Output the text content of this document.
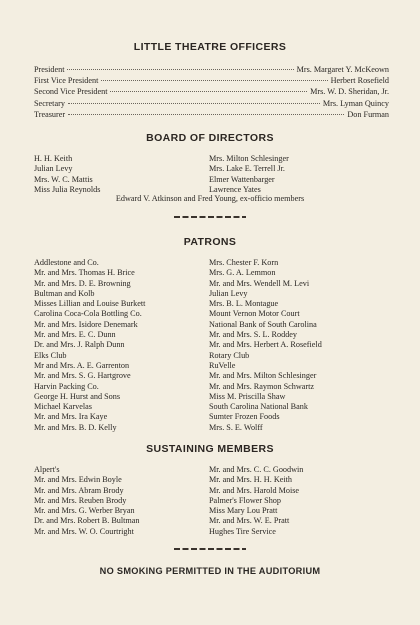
LITTLE THEATRE OFFICERS
President	Mrs. Margaret Y. McKeown
First Vice President	Herbert Rosefield
Second Vice President	Mrs. W. D. Sheridan, Jr.
Secretary	Mrs. Lyman Quincy
Treasurer	Don Furman
BOARD OF DIRECTORS
H. H. Keith
Julian Levy
Mrs. W. C. Mattis
Miss Julia Reynolds
Mrs. Milton Schlesinger
Mrs. Lake E. Terrell Jr.
Elmer Wattenbarger
Lawrence Yates
Edward V. Atkinson and Fred Young, ex-officio members
PATRONS
Addlestone and Co.
Mr. and Mrs. Thomas H. Brice
Mr. and Mrs. D. E. Browning
Bultman and Kolb
Misses Lillian and Louise Burkett
Carolina Coca-Cola Bottling Co.
Mr. and Mrs. Isidore Denemark
Mr. and Mrs. E. C. Dunn
Dr. and Mrs. J. Ralph Dunn
Elks Club
Mr and Mrs. A. E. Garrenton
Mr. and Mrs. S. G. Hartgrove
Harvin Packing Co.
George H. Hurst and Sons
Michael Karvelas
Mr. and Mrs. Ira Kaye
Mr. and Mrs. B. D. Kelly
Mrs. Chester F. Korn
Mrs. G. A. Lemmon
Mr. and Mrs. Wendell M. Levi
Julian Levy
Mrs. B. L. Montague
Mount Vernon Motor Court
National Bank of South Carolina
Mr. and Mrs. S. L. Roddey
Mr. and Mrs. Herbert A. Rosefield
Rotary Club
RuVelle
Mr. and Mrs. Milton Schlesinger
Mr. and Mrs. Raymon Schwartz
Miss M. Priscilla Shaw
South Carolina National Bank
Sumter Frozen Foods
Mrs. S. E. Wolff
SUSTAINING MEMBERS
Alpert's
Mr. and Mrs. Edwin Boyle
Mr. and Mrs. Abram Brody
Mr. and Mrs. Reuben Brody
Mr. and Mrs. G. Werber Bryan
Dr. and Mrs. Robert B. Bultman
Mr. and Mrs. W. O. Courtright
Mr. and Mrs. C. C. Goodwin
Mr. and Mrs. H. H. Keith
Mr. and Mrs. Harold Moise
Palmer's Flower Shop
Miss Mary Lou Pratt
Mr. and Mrs. W. E. Pratt
Hughes Tire Service
NO SMOKING PERMITTED IN THE AUDITORIUM
